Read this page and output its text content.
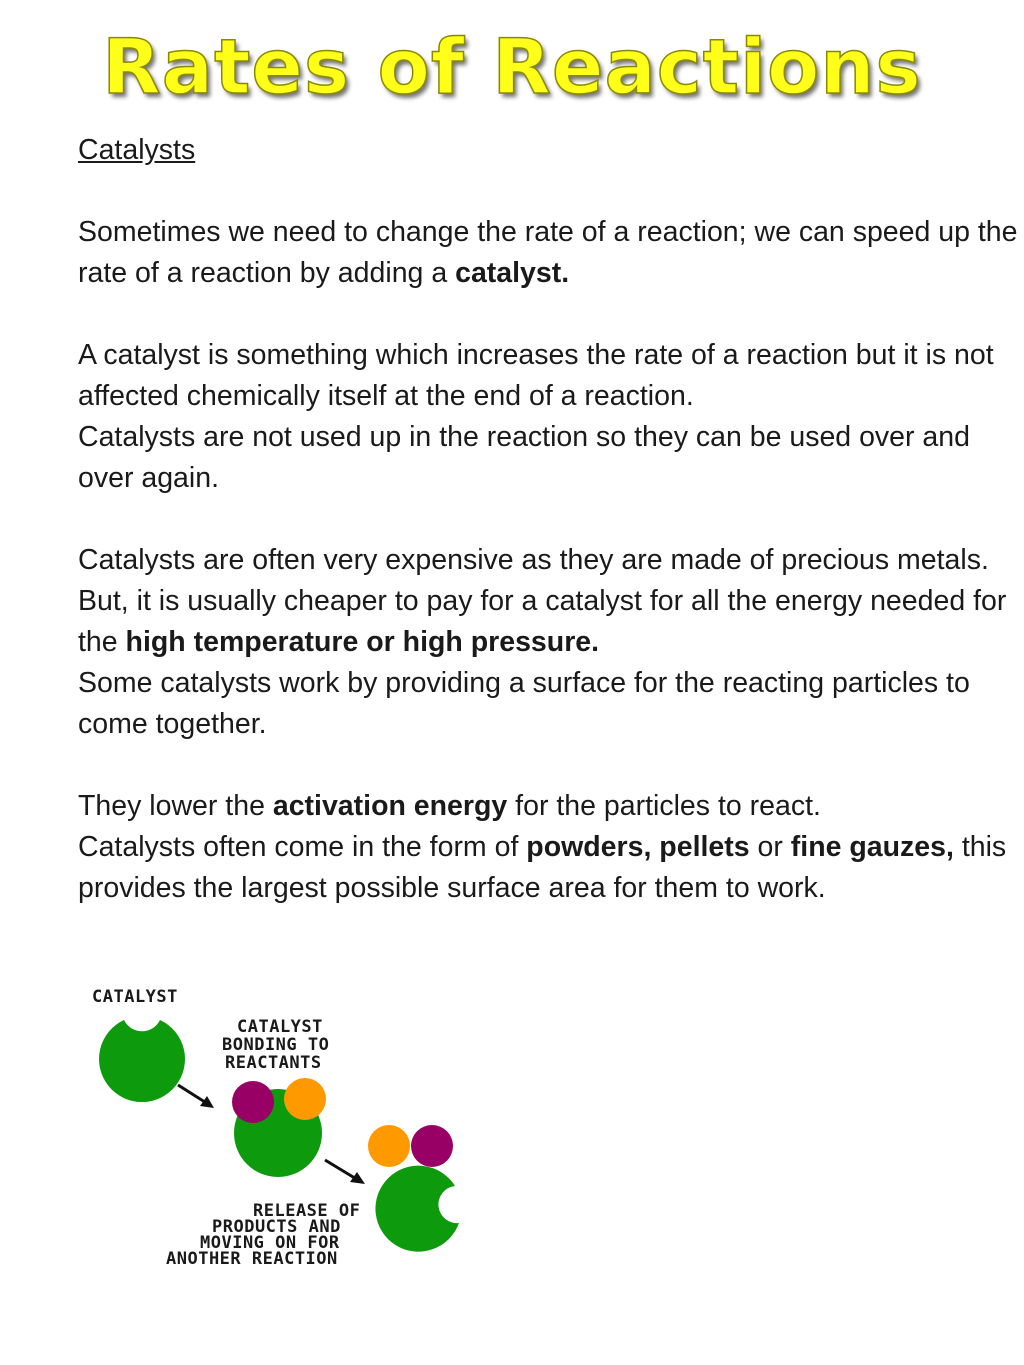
Rates of Reactions

Catalysts

Sometimes we need to change the rate of a reaction; we can speed up the rate of a reaction by adding a catalyst.

A catalyst is something which increases the rate of a reaction but it is not affected chemically itself at the end of a reaction.

Catalysts are not used up in the reaction so they can be used over and over again.

Catalysts are often very expensive as they are made of precious metals. But, it is usually cheaper to pay for a catalyst for all the energy needed for the high temperature or high pressure.

Some catalysts work by providing a surface for the reacting particles to come together.

They lower the activation energy for the particles to react.

Catalysts often come in the form of powders, pellets or fine gauzes, this provides the largest possible surface area for them to work.

CATALYST
CATALYST
BONDING TO
REACTANTS
RELEASE OF
PRODUCTS AND
MOVING ON FOR
ANOTHER REACTION
